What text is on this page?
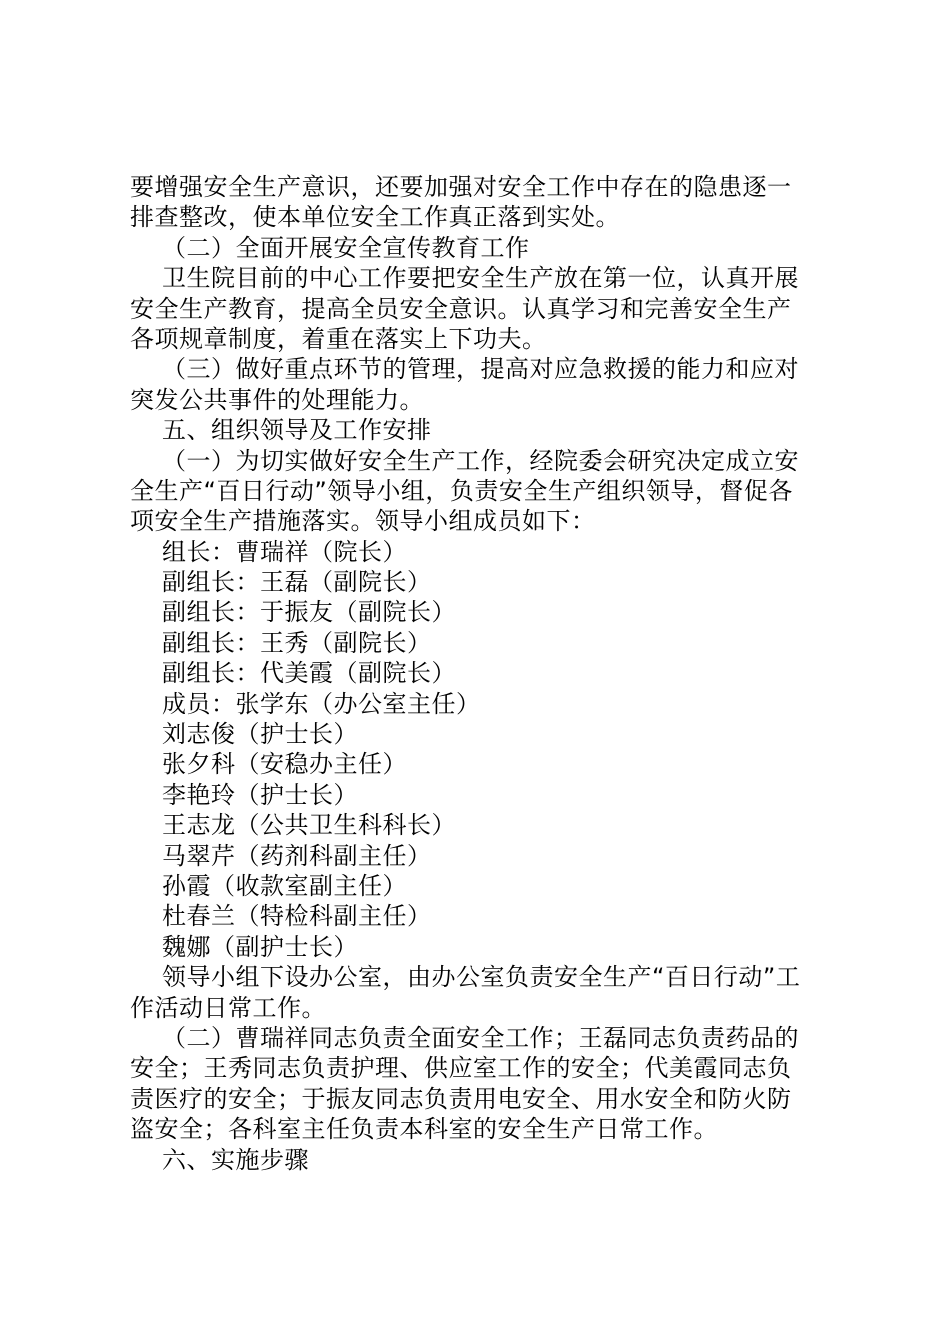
要增强安全生产意识，还要加强对安全工作中存在的隐患逐一
排查整改，使本单位安全工作真正落到实处。
（二）全面开展安全宣传教育工作
卫生院目前的中心工作要把安全生产放在第一位，认真开展
安全生产教育，提高全员安全意识。认真学习和完善安全生产
各项规章制度，着重在落实上下功夫。
（三）做好重点环节的管理，提高对应急救援的能力和应对
突发公共事件的处理能力。
五、组织领导及工作安排
（一）为切实做好安全生产工作，经院委会研究决定成立安
全生产“百日行动”领导小组，负责安全生产组织领导，督促各
项安全生产措施落实。领导小组成员如下：
组长：曹瑞祥（院长）
副组长：王磊（副院长）
副组长：于振友（副院长）
副组长：王秀（副院长）
副组长：代美霞（副院长）
成员：张学东（办公室主任）
刘志俊（护士长）
张夕科（安稳办主任）
李艳玲（护士长）
王志龙（公共卫生科科长）
马翠芹（药剂科副主任）
孙霞（收款室副主任）
杜春兰（特检科副主任）
魏娜（副护士长）
领导小组下设办公室，由办公室负责安全生产“百日行动”工
作活动日常工作。
（二）曹瑞祥同志负责全面安全工作；王磊同志负责药品的
安全；王秀同志负责护理、供应室工作的安全；代美霞同志负
责医疗的安全；于振友同志负责用电安全、用水安全和防火防
盗安全；各科室主任负责本科室的安全生产日常工作。
六、实施步骤
